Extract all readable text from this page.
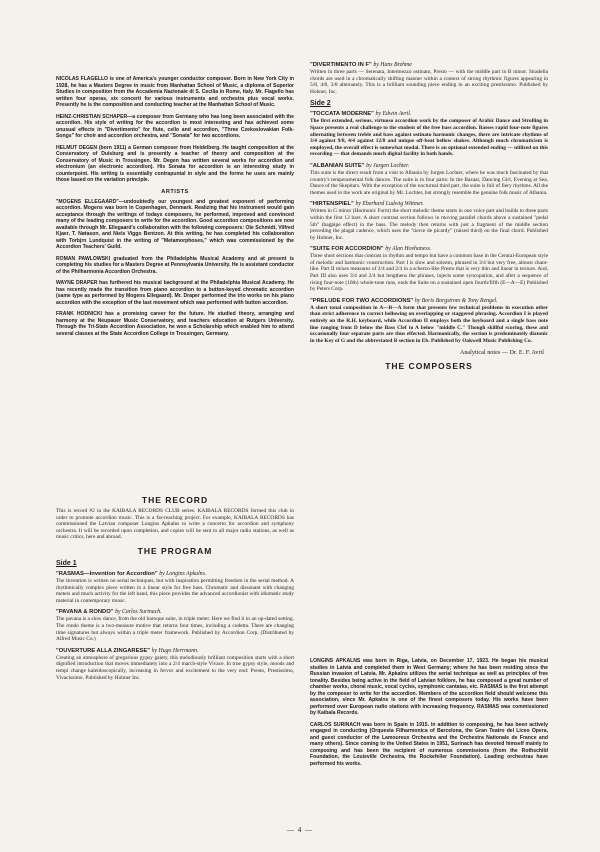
NICOLAS FLAGELLO is one of America's younger conductor composer. Born in New York City in 1928, he has a Masters Degree in music from Manhattan School of Music, a diploma of Superior Studies in composition from the Accademia Nazionale di S. Cecilia in Rome, Italy. Mr. Flagello has written four operas, six concerti for various instruments and orchestra plus vocal works. Presently he is the composition and conducting teacher at the Manhattan School of Music.

HEINZ-CHRISTIAN SCHAPER—a composer from Germany who has long been associated with the accordion. His style of writing for the accordion is most interesting and has achieved some unusual effects in "Divertimento" for flute, cello and accordion, "Three Czekoslovakian Folk-Songs" for choir and accordion orchestra, and "Sonata" for two accordions.

HELMUT DEGEN (born 1911) a German composer from Heidelberg. He taught composition at the Conservatory of Duisburg and is presently a teacher of theory and composition at the Conservatory of Music in Trossingen. Mr. Degen has written several works for accordion and electronium (an electronic accordion). His Sonata for accordion is an interesting study in counterpoint. His writing is essentially contrapuntal in style and the forms he uses are mainly those based on the variation principle.

ARTISTS

"MOGENS ELLEGAARD"—undoubtedly our youngest and greatest exponent of performing accordion. Mogens was born in Copenhagen, Denmark. Realizing that his instrument would gain acceptance through the writings of todays composers, he performed, improved and convinced many of the leading composers to write for the accordion. Good accordion compositions are now available through Mr. Ellegaard's collaboration with the following composers: Ole Schmidt, Vilfred Kjaer, T. Nøtason, and Niels Viggo Bentzon. At this writing, he has completed his collaboration with Torbjrn Lundquist in the writing of "Metamorphoses," which was commissioned by the Accordion Teachers' Guild.

ROMAN PAWLOWSKI graduated from the Philadelphia Musical Academy and at present is completing his studies for a Masters Degree at Pennsylvania University. He is assistant conductor of the Philharmonia Accordion Orchestra.

WAYNE DRAPER has furthered his musical background at the Philadelphia Musical Academy. He has recently made the transition from piano accordion to a button-keyed chromatic accordion (same type as performed by Mogens Ellegaard). Mr. Draper performed the trio works on his piano accordion with the exception of the last movement which was performed with button accordion.

FRANK HODNICKI has a promising career for the future. He studied theory, arranging and harmony at the Neupauer Music Conservatory, and teachers education at Rutgers University. Through the Tri-State Accordion Association, he won a Scholarship which enabled him to attend several classes at the State Accordion College in Trossingen, Germany.

THE RECORD

This is record #2 in the KAIBALA RECORDS CLUB series. KAIBALA RECORDS formed this club in order to promote accordion music. This is a far-reaching project. For example, KAIBALA RECORDS has commissioned the Latvian composer Longins Apkalns to write a concerto for accordion and symphony orchestra. It will be recorded upon completion, and copies will be sent to all major radio stations, as well as music critics, here and abroad.

THE PROGRAM
Side 1
"RASMAS—Invention for Accordion" by Longins Apkalns.

The Invention is written on serial techniques, but with inspiration permitting freedom in the serial method. A rhythmically complex piece written in a linear style for free bass. Chromatic and dissonant with changing meters and much activity for the left hand, this piece provides the advanced accordionist with idiomatic study material in contemporary music.

"PAVANA & RONDO" by Carlos Surinach.

The pavana is a slow dance, from the old baroque suite, in triple meter. Here we find it in an up-dated setting. The rondo theme is a two-measure motive that returns four times, including a codetta. There are changing time signatures but always within a triple meter framework. Published by Accordion Corp. (Distributed by Alfred Music Co.)

"OUVERTURE ALLA ZINGARESE" by Hugo Herrmann.

Creating an atmosphere of gregarious gypsy gaiety, this melodiously brilliant composition starts with a short dignified introduction that moves immediately into a 2/4 march-style Vivace. In true gypsy style, moods and tempi change kaleidoscopically, increasing in fervor and excitement to the very end: Presto, Prestissimo, Vivacissimo. Published by Hohner Inc.

"DIVERTIMENTO IN F" by Hans Brehme

Written in three parts — Serenata, Intermezzo ostinato, Presto — with the middle part in B minor. Stradella chords are used in a chromatically shifting manner within a context of strong rhythmic figures appearing in 5/8, 4/8, 3/8 alternately. This is a brilliant sounding piece ending in an exciting prestissimo. Published by Hohner, Inc.

Side 2
"TOCCATA MODERNE" by Edwin Avril.

The first extended, serious, virtuoso accordion work by the composer of Arabic Dance and Strolling in Space presents a real challenge to the student of the free bass accordion. Basses rapid four-note figures alternating between treble and bass against ostinato harmonic changes, there are intricate rhythms of 3/4 against 9/8, 4/4 against 12/8 and unique off-beat bellow shakes. Although much chromaticism is employed, the overall effect is somewhat modal. There is an optional extended ending — utilized on this recording — that demands much digital facility in both hands.

"ALBANIAN SUITE" by Jurgen Lochter.

This suite is the direct result from a visit to Albania by Jurgen Lochter, where he was much fascinated by that country's temperamental folk dances. The suite is in four parts: In the Bazaar, Dancing Girl, Evening at Sea, Dance of the Skepitars. With the exception of the nocturnal third part, the suite is full of fiery rhythms. All the themes used in the work are original by Mr. Lochter, but strongly resemble the genuine folk music of Albania.

"HIRTENSPIEL" by Eberhard Ludwig Wittmer.

Written in G minor (Harmonic Form) the short melodic theme starts in one voice part and builds to three parts within the first 12 bars. A short contrast section follows in moving parallel chords above a sustained "pedal 5th" (bagpipe effect) in the bass. The melody then returns with just a fragment of the middle section preceding the plagal cadence, which uses the "tierce de picardy" (raised third) on the final chord. Published by Hohner, Inc.

"SUITE FOR ACCORDION" by Alan Hovhaness.

Three short sections that contrast in rhythm and tempo but have a common base in the Central-European style of melodic and harmonic construction. Part I is slow and solemn, phrased in 3/4 but very free, almost chant-like. Part II mixes measures of 3/4 and 2/4 in a scherzo-like Presto that is very thin and linear in texture. And, Part III also uses 3/4 and 2/4 but lengthens the phrases, injects some syncopation, and after a sequence of rising four-note (16th) whole-tone runs, ends the Suite on a sustained open fourth/fifth (E—A—E) Published by Peters Corp.

"PRELUDE FOR TWO ACCORDIONS" by Boris Borgstrom & Tony Rengel.

A short tonal composition in A—B—A form that presents few technical problems in execution other than strict adherence to correct bellowing on overlapping or staggered phrasing. Accordion I is played entirely on the R.H. keyboard, while Accordion II employs both the keyboard and a single bass note line ranging from D below the Bass Clef to A below "middle C." Though skillful scoring, these and occasionally four separate parts are thus effected. Harmonically, the section is predominately diatonic in the Key of G and the abbreviated B section in Eb. Published by Oakwell Music Publishing Co.

Analytical notes — Dr. E. F. Avril
THE COMPOSERS

LONGINS APKALNS was born in Riga, Latvia, on December 17, 1923. He began his musical studies in Latvia and completed them in West Germany; where he has been residing since the Russian invasion of Latvia. Mr. Apkalns utilizes the serial technique as well as principles of free tonality. Besides being active in the field of Latvian folklore, he has composed a great number of chamber works, choral music, vocal cycles, symphonic cantatas, etc. RASMAS is the first attempt by the composer to write for the accordion. Members of the accordion field should welcome this association, since Mr. Apkalns is one of the finest composers today. His works have been performed over European radio stations with increasing frequency. RASMAS was commissioned by Kaibala Records.

CARLOS SURINACH was born in Spain in 1915. In addition to composing, he has been actively engaged in conducting (Orquesta Filharmonica of Barcelona, the Gran Teatro del Liceo Opera, and guest conductor of the Lamoureux Orchestra and the Orchestra Nationale de France and many others). Since coming to the United States in 1951, Surinach has devoted himself mainly to composing and has been the recipient of numerous commissions (from the Rothschild Foundation, the Louisville Orchestra, the Rockefeller Foundation). Leading orchestras have performed his works.

— 4 —
